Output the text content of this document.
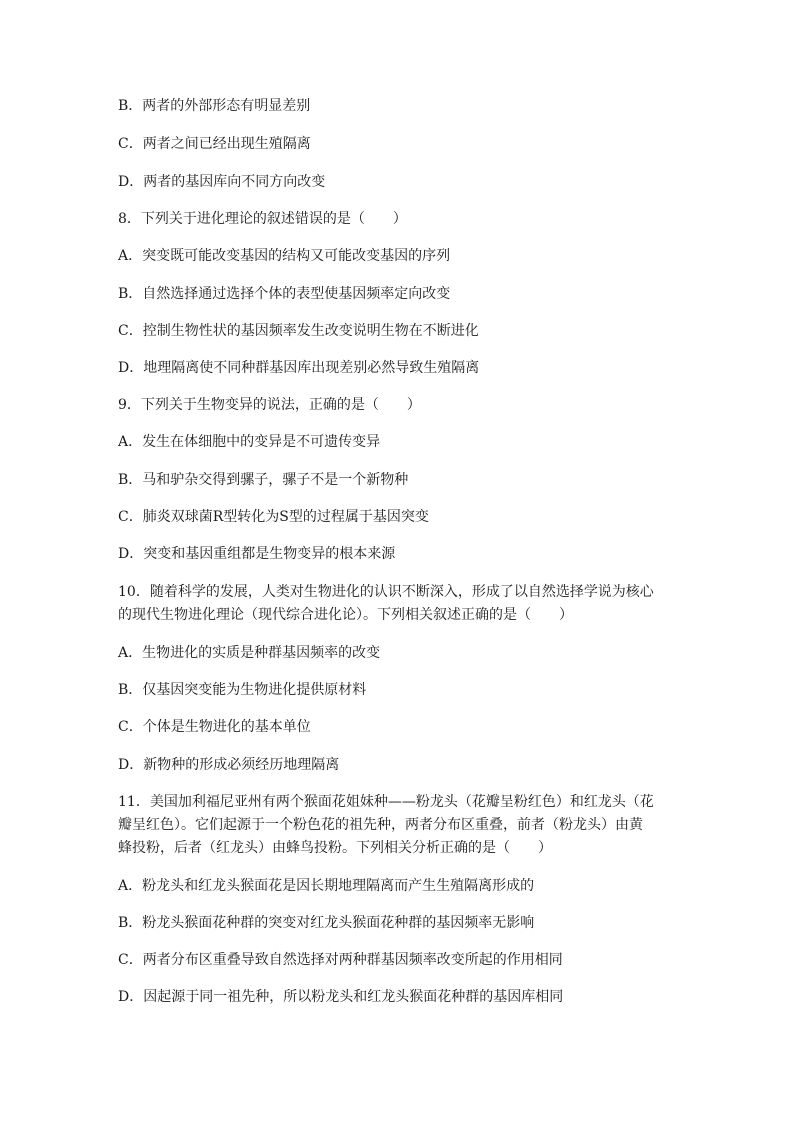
B．两者的外部形态有明显差别
C．两者之间已经出现生殖隔离
D．两者的基因库向不同方向改变
8．下列关于进化理论的叙述错误的是（　　）
A．突变既可能改变基因的结构又可能改变基因的序列
B．自然选择通过选择个体的表型使基因频率定向改变
C．控制生物性状的基因频率发生改变说明生物在不断进化
D．地理隔离使不同种群基因库出现差别必然导致生殖隔离
9．下列关于生物变异的说法，正确的是（　　）
A．发生在体细胞中的变异是不可遗传变异
B．马和驴杂交得到骡子，骡子不是一个新物种
C．肺炎双球菌R型转化为S型的过程属于基因突变
D．突变和基因重组都是生物变异的根本来源
10．随着科学的发展，人类对生物进化的认识不断深入，形成了以自然选择学说为核心
的现代生物进化理论（现代综合进化论）。下列相关叙述正确的是（　　）
A．生物进化的实质是种群基因频率的改变
B．仅基因突变能为生物进化提供原材料
C．个体是生物进化的基本单位
D．新物种的形成必须经历地理隔离
11．美国加利福尼亚州有两个猴面花姐妹种——粉龙头（花瓣呈粉红色）和红龙头（花
瓣呈红色）。它们起源于一个粉色花的祖先种，两者分布区重叠，前者（粉龙头）由黄
蜂投粉，后者（红龙头）由蜂鸟投粉。下列相关分析正确的是（　　）
A．粉龙头和红龙头猴面花是因长期地理隔离而产生生殖隔离形成的
B．粉龙头猴面花种群的突变对红龙头猴面花种群的基因频率无影响
C．两者分布区重叠导致自然选择对两种群基因频率改变所起的作用相同
D．因起源于同一祖先种，所以粉龙头和红龙头猴面花种群的基因库相同
